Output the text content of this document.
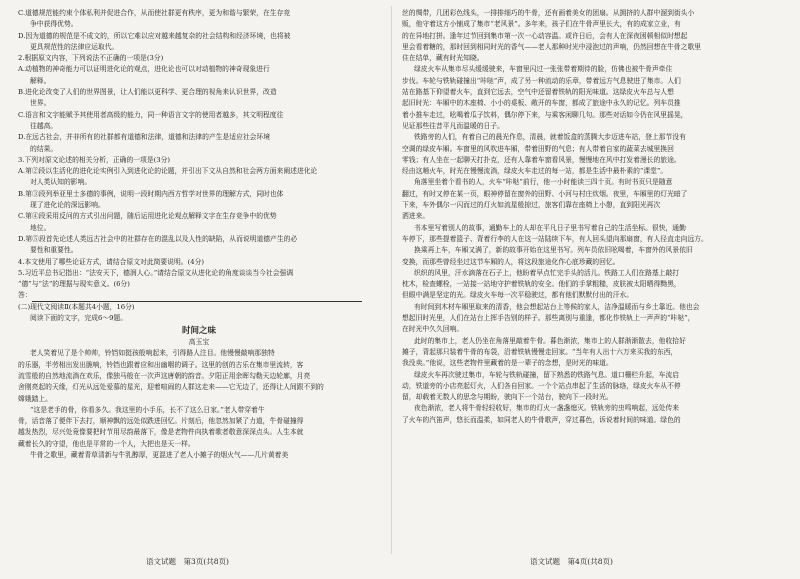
C.道德规范能约束个体私利并促进合作，从而使社群更有秩序，更为和谐与繁荣，在生存竞

争中获得优势。

D.因为道德的规范是不成文的，所以它难以应对越来越复杂的社会结构和经济环境，也将被

更具规范性的法律应运取代。

2.根据原文内容，下列说法不正确的一项是(3分)

A.动植物的神奇能力可以证明进化论的观点，进化论也可以对动植物的神奇现象进行

解释。

B.进化论改变了人们的世界图景，让人们能以更科学、更合理的视角来认识世界，改造

世界。

C.语言和文字能赋予其使用者高级的能力，同一种语言文字的使用者越多，其文明程度往

往越高。

D.在远古社会，并非所有的社群都有道德和法律，道德和法律的产生是适应社会环境

的结果。

3.下列对原文论述的相关分析，正确的一项是(3分)

A.第②段以生活化的进化论实例引入到进化论的论题，并引出下文从自然和社会两方面来阐述进化论

对人类认知的影响。

B.第③段列举亚里士多德的事例，说明一段时期内西方哲学对世界的理解方式，同时也体

现了进化论的深远影响。

C.第④段采用反问的方式引出问题，随后运用进化论观点解释文字在生存竞争中的优势

地位。

D.第⑤段首先论述人类远古社会中的社群存在的混乱以及人性的缺陷，从而说明道德产生的必

要性和重要性。

4.本文使用了哪些论证方式，请结合原文对此简要说明。(4分)

5.习近平总书记指出：“法安天下，德润人心。”请结合原文从进化论的角度谈谈当今社会强调

“德”与“法”的理据与现实意义。(6分)

答：

(二)现代文阅读Ⅱ(本题共4小题，16分)

阅读下面的文字，完成6～9题。

时间之味

高玉宝

老人笑着见了是个帅帅，铃铛如挺孩般响起来，引得路人注目。他慢慢敲响那独特

的乐器，半劳相出发出脆响，铃铛也跟着应和出幽咽的调子。这里的创的古乐在集市里流转，客

流雪般的自然地流淌在欢乐，像独马般在一次声这唐朝的韵音。夕阳正用余晖勾勒天边轮廓，月亮

舍刚亮起的天缘，灯光从远处爱慕的星光，迎着喧闹的人群这走来——它无边了，还得让人间跟不到的

嫦娥踏上。

“这是老手的骨，你看多久。我这里的小手乐，长不了这么日家。”老人带穿着牛

骨，话音落了便伴下去打，顺神飘的远处似跌进回忆。片刻后，他忽然加紧了力道，牛骨碰撞得

越发热烈，尽兴处竟像要把时节用尽韵最落下，像是老物件向执着歌者敬意深深点头。人生本就

藏着长久的守望，他也是平常的一个人，大把也是天一样。

牛骨之歌里，藏着青草清新与牛乳醇厚，更混进了老人小摊子的烟火气——几片黄着美

丝的绸带，几团彩色线头，一排排细巧的牛骨，还有画着美女的团扇。从拥挤的人群中溜到街头小

贩，他守着这方小铺成了集市“老风景”。多年来，孩子们在牛骨声里长大，有的成家立业，有

的在异地打拼。逢年过节回到集市第一次一心动容温。或许日后，会有人在深夜困顿相似时想起

里会看着糖的，那时回到相同时光的香气——老人那种时光中浸泡过的声响，仍然回想在牛骨之歌里

住在结单，藏有时光知晓。

绿皮火车从集市尽头缓缓驶来，车窗里闪过一张张带着期待的脸，仿佛也被牛骨声牵住

步伐。车轮与铁轨碰撞出“咔哒”声，成了另一种流动的乐章，带着远方气息驶进了集市。人们

站在路基下仰望着火车，直到它远去，空气中还留着铁轨的阳光味道。这绿皮火车总与人想

起旧时光：车厢中的木座椅、小小的桌板、敞开的车窗，都成了旅途中永久的记忆。列车员推

着小推车走过，吆喝着瓜子饮料，偶尔停下来，与乘客闲聊几句。那些对话如今仍在风里摇晃，

见证那些往昔平凡而温暖的日子。

铁路旁的人们，有着自己的晨光作息，清晨，就着饭盒的蒸腾大步迈进车站，登上那节没有

空调的绿皮车厢。车窗里的风吹进车厢，带着田野的气息；有人带着自家的蔬菜去城里换回

零钱；有人坐在一起聊天打扑克，还有人靠着车窗看风景，慢慢地在风中打发着漫长的旅途。

经由这趟火车，时光在慢慢流淌，绿皮火车走过的每一站，都是生活中最朴素的“课堂”。

角落里坐着个看书的人，火车“咔哒”前行，他一小时能读三四十页。有时书页只是随意

翻过，有时又停在某一页，眼神停留在窗外的田野、小河与村庄炊烟。夜里，车厢里的灯光暗了

下来，车外偶尔一闪而过的灯火如流星般掠过，旅客们靠在座椅上小憩，直到阳光再次

洒进来。

书本里写着别人的故事，通勤车上的人却在平凡日子里书写着自己的生活坐标。很快，通勤

车停下，那些提着篮子、背着行李的人在这一站陆续下车，有人回头望向那扇窗，有人径直走向远方。

换乘再上车，车厢又满了，新的故事开始在这里书写。列车员依旧吆喝着，车窗外的风景依旧

变换，而那些曾经坐过这节车厢的人，将这段旅途化作心底珍藏的回忆。

织织的风里，汗水滴落在石子上，他盼着早点忙完手头的活儿。铁路工人们在路基上敲打

枕木，检查螺栓，一站接一站地守护着铁轨的安全。他们的手掌粗糙，皮肤被太阳晒得黝黑，

但眼中满是坚定的光。绿皮火车每一次平稳驶过，都有他们默默付出的汗水。

有时间到木材车厢里取来的清香，他会想起站台上等候的家人，洁净温暖而与乡土靠近。他也会

想起旧时光里，人们在站台上挥手告别的样子。那些离别与重逢，都化作铁轨上一声声的“咔哒”，

在时光中久久回响。

此时的集市上，老人仍坐在角落里敲着牛骨。暮色渐浓，集市上的人群渐渐散去，他收拾好

摊子，背起那只装着牛骨的布袋，沿着铁轨慢慢走回家。“当年有人出十六万来买我的东西，

我没卖。”他说，这些老物件里藏着的是一辈子的念想，是时光的味道。

绿皮火车再次驶过集市，车轮与铁轨碰撞，留下熟悉的铁路气息。道口栅栏升起，车流启

动，铁道旁的小店亮起灯火，人们各自回家。一个个站点串起了生活的脉络，绿皮火车从不停

留，却载着无数人的思念与期盼，驶向下一个站台，驶向下一段时光。

夜色渐浓，老人将牛骨轻轻收好，集市的灯火一盏盏熄灭。铁轨旁的虫鸣响起，远处传来

了火车的汽笛声，悠长而温柔，如同老人的牛骨歌声，穿过暮色，诉说着时间的味道。绿色的

语文试题　第3页(共8页)	语文试题　第4页(共8页)
